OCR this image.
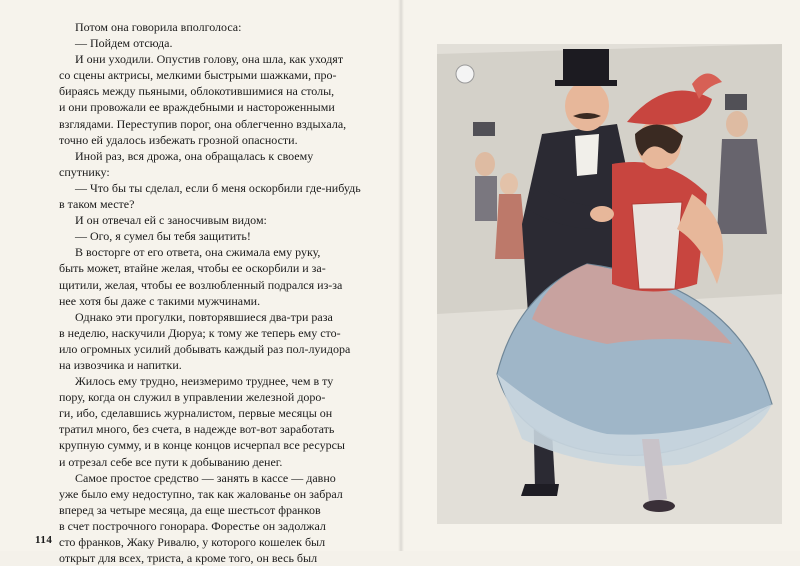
Потом она говорила вполголоса:
— Пойдем отсюда.
И они уходили. Опустив голову, она шла, как уходят
со сцены актрисы, мелкими быстрыми шажками, про-
бираясь между пьяными, облокотившимися на столы,
и они провожали ее враждебными и настороженными
взглядами. Переступив порог, она облегченно вздыхала,
точно ей удалось избежать грозной опасности.
Иной раз, вся дрожа, она обращалась к своему
спутнику:
— Что бы ты сделал, если б меня оскорбили где-нибудь
в таком месте?
И он отвечал ей с заносчивым видом:
— Ого, я сумел бы тебя защитить!
В восторге от его ответа, она сжимала ему руку,
быть может, втайне желая, чтобы ее оскорбили и за-
щитили, желая, чтобы ее возлюбленный подрался из-за
нее хотя бы даже с такими мужчинами.
Однако эти прогулки, повторявшиеся два-три раза
в неделю, наскучили Дюруа; к тому же теперь ему сто-
ило огромных усилий добывать каждый раз пол-луидора
на извозчика и напитки.
Жилось ему трудно, неизмеримо труднее, чем в ту
пору, когда он служил в управлении железной доро-
ги, ибо, сделавшись журналистом, первые месяцы он
тратил много, без счета, в надежде вот-вот заработать
крупную сумму, и в конце концов исчерпал все ресурсы
и отрезал себе все пути к добыванию денег.
Самое простое средство — занять в кассе — давно
уже было ему недоступно, так как жалованье он забрал
вперед за четыре месяца, да еще шестьсот франков
в счет построчного гонорара. Форестье он задолжал
сто франков, Жаку Ривалю, у которого кошелек был
открыт для всех, триста, а кроме того, он весь был
114
